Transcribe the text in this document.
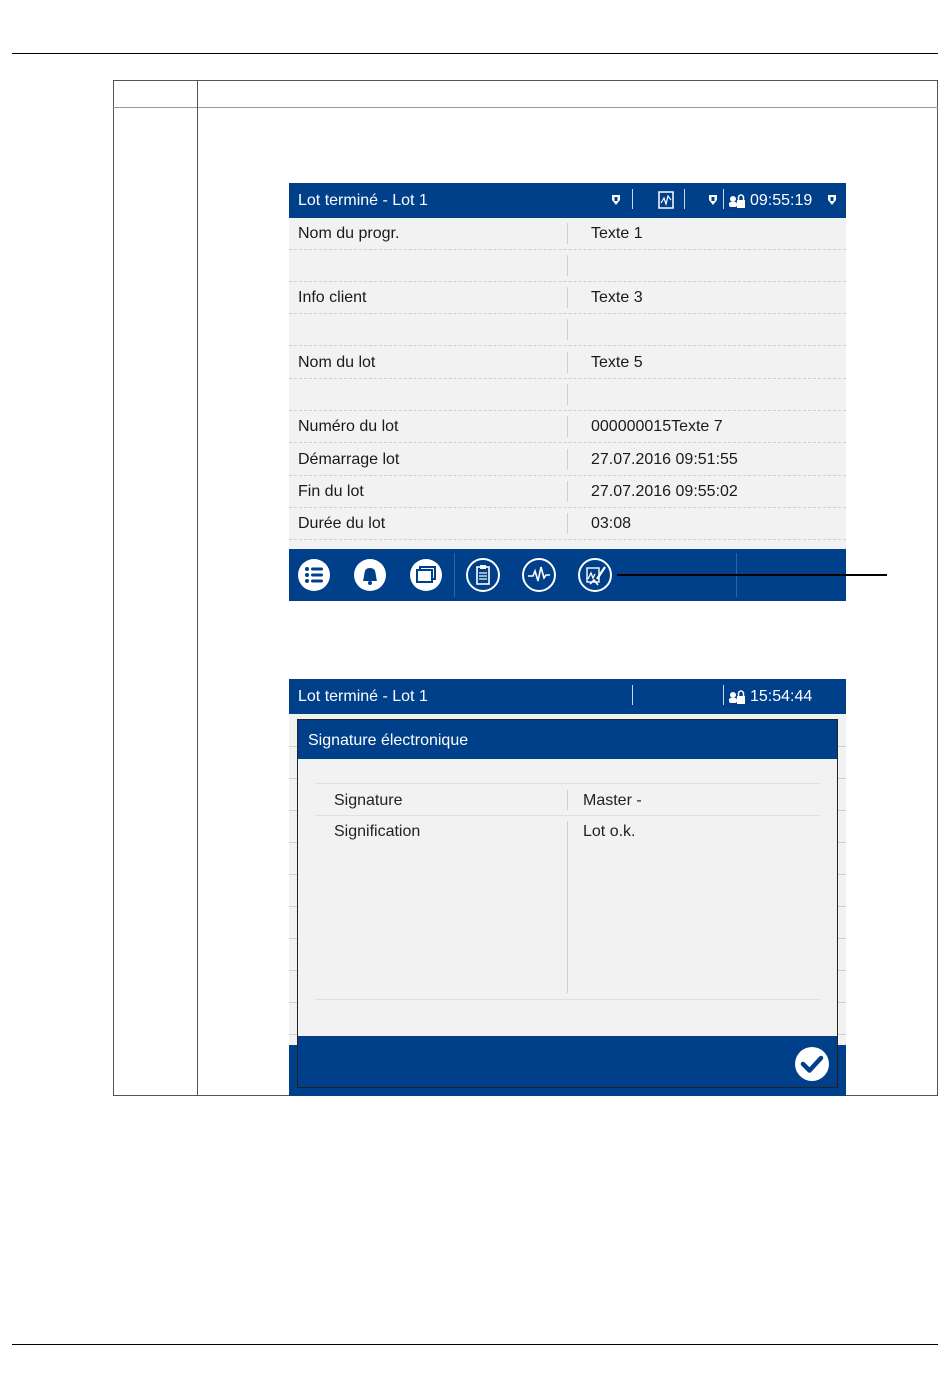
Lot terminé - Lot 1	09:55:19
Nom du progr.	Texte 1
Info client	Texte 3
Nom du lot	Texte 5
Numéro du lot	000000015Texte 7
Démarrage lot	27.07.2016 09:51:55
Fin du lot	27.07.2016 09:55:02
Durée du lot	03:08
Lot terminé - Lot 1	15:54:44
Signature électronique
Signature	Master -
Signification	Lot o.k.
